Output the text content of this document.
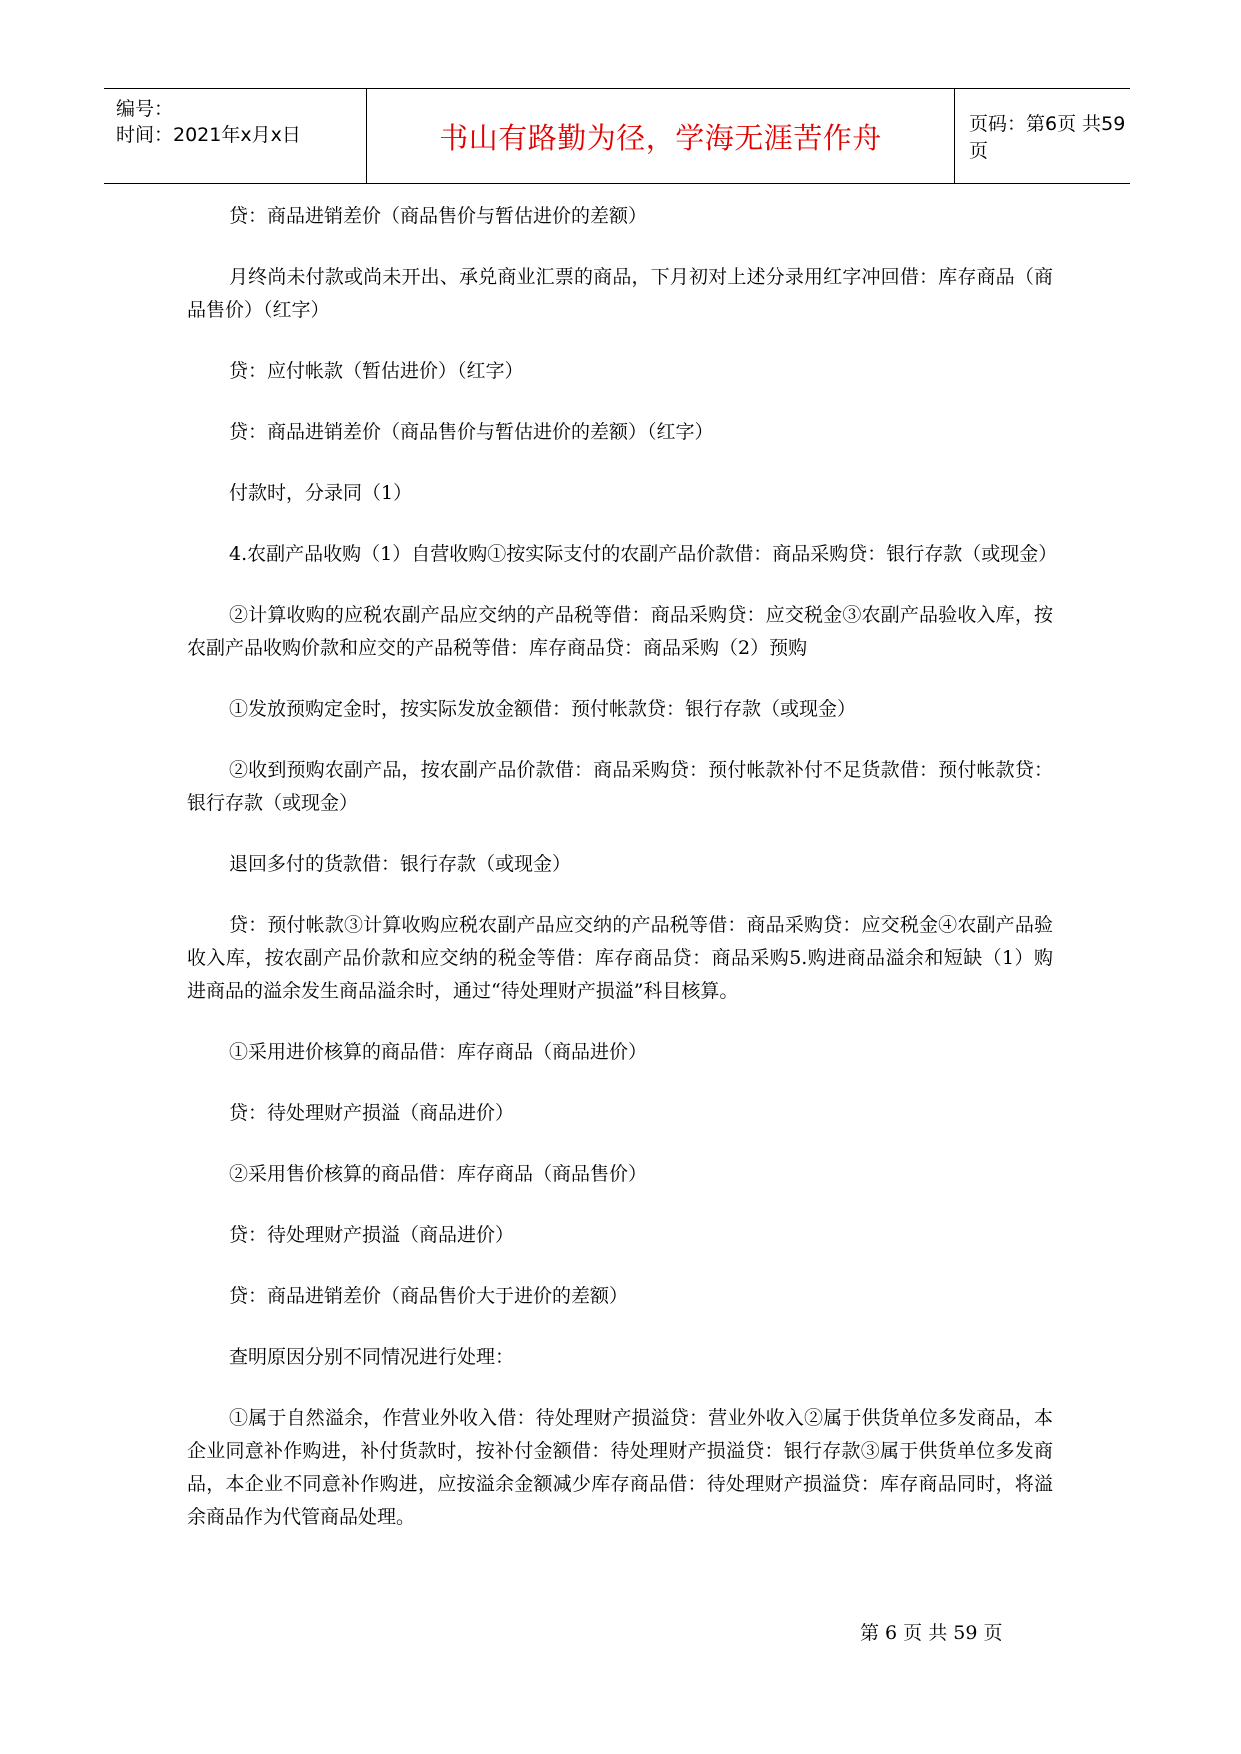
编号：
时间：2021年x月x日	书山有路勤为径，学海无涯苦作舟	页码：第6页 共59页

贷：商品进销差价（商品售价与暂估进价的差额）

月终尚未付款或尚未开出、承兑商业汇票的商品，下月初对上述分录用红字冲回借：库存商品（商品售价）（红字）

贷：应付帐款（暂估进价）（红字）

贷：商品进销差价（商品售价与暂估进价的差额）（红字）

付款时，分录同（1）

4.农副产品收购（1）自营收购①按实际支付的农副产品价款借：商品采购贷：银行存款（或现金）

②计算收购的应税农副产品应交纳的产品税等借：商品采购贷：应交税金③农副产品验收入库，按农副产品收购价款和应交的产品税等借：库存商品贷：商品采购（2）预购

①发放预购定金时，按实际发放金额借：预付帐款贷：银行存款（或现金）

②收到预购农副产品，按农副产品价款借：商品采购贷：预付帐款补付不足货款借：预付帐款贷：银行存款（或现金）

退回多付的货款借：银行存款（或现金）

贷：预付帐款③计算收购应税农副产品应交纳的产品税等借：商品采购贷：应交税金④农副产品验收入库，按农副产品价款和应交纳的税金等借：库存商品贷：商品采购5.购进商品溢余和短缺（1）购进商品的溢余发生商品溢余时，通过“待处理财产损溢”科目核算。

①采用进价核算的商品借：库存商品（商品进价）

贷：待处理财产损溢（商品进价）

②采用售价核算的商品借：库存商品（商品售价）

贷：待处理财产损溢（商品进价）

贷：商品进销差价（商品售价大于进价的差额）

查明原因分别不同情况进行处理：

①属于自然溢余，作营业外收入借：待处理财产损溢贷：营业外收入②属于供货单位多发商品，本企业同意补作购进，补付货款时，按补付金额借：待处理财产损溢贷：银行存款③属于供货单位多发商品，本企业不同意补作购进，应按溢余金额减少库存商品借：待处理财产损溢贷：库存商品同时，将溢余商品作为代管商品处理。

第 6 页 共 59 页
